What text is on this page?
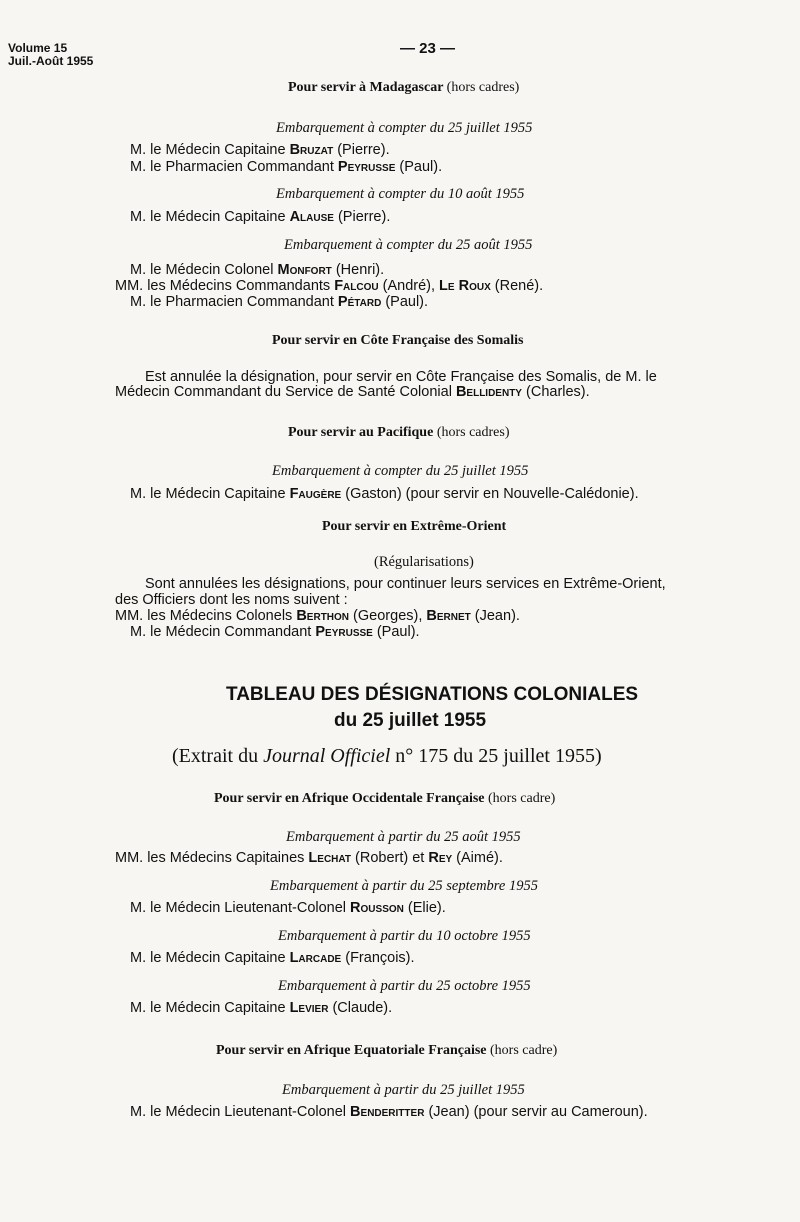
Volume 15
Juil.-Août 1955
— 23 —
Pour servir à Madagascar (hors cadres)
Embarquement à compter du 25 juillet 1955
M. le Médecin Capitaine Bruzat (Pierre).
M. le Pharmacien Commandant Peyrusse (Paul).
Embarquement à compter du 10 août 1955
M. le Médecin Capitaine Alause (Pierre).
Embarquement à compter du 25 août 1955
M. le Médecin Colonel Monfort (Henri).
MM. les Médecins Commandants Falcou (André), Le Roux (René).
M. le Pharmacien Commandant Pétard (Paul).
Pour servir en Côte Française des Somalis
Est annulée la désignation, pour servir en Côte Française des Somalis, de M. le
Médecin Commandant du Service de Santé Colonial Bellidenty (Charles).
Pour servir au Pacifique (hors cadres)
Embarquement à compter du 25 juillet 1955
M. le Médecin Capitaine Faugère (Gaston) (pour servir en Nouvelle-Calédonie).
Pour servir en Extrême-Orient
(Régularisations)
Sont annulées les désignations, pour continuer leurs services en Extrême-Orient,
des Officiers dont les noms suivent :
MM. les Médecins Colonels Berthon (Georges), Bernet (Jean).
M. le Médecin Commandant Peyrusse (Paul).
TABLEAU DES DÉSIGNATIONS COLONIALES
du 25 juillet 1955
(Extrait du Journal Officiel n° 175 du 25 juillet 1955)
Pour servir en Afrique Occidentale Française (hors cadre)
Embarquement à partir du 25 août 1955
MM. les Médecins Capitaines Lechat (Robert) et Rey (Aimé).
Embarquement à partir du 25 septembre 1955
M. le Médecin Lieutenant-Colonel Rousson (Elie).
Embarquement à partir du 10 octobre 1955
M. le Médecin Capitaine Larcade (François).
Embarquement à partir du 25 octobre 1955
M. le Médecin Capitaine Levier (Claude).
Pour servir en Afrique Equatoriale Française (hors cadre)
Embarquement à partir du 25 juillet 1955
M. le Médecin Lieutenant-Colonel Benderitter (Jean) (pour servir au Cameroun).
